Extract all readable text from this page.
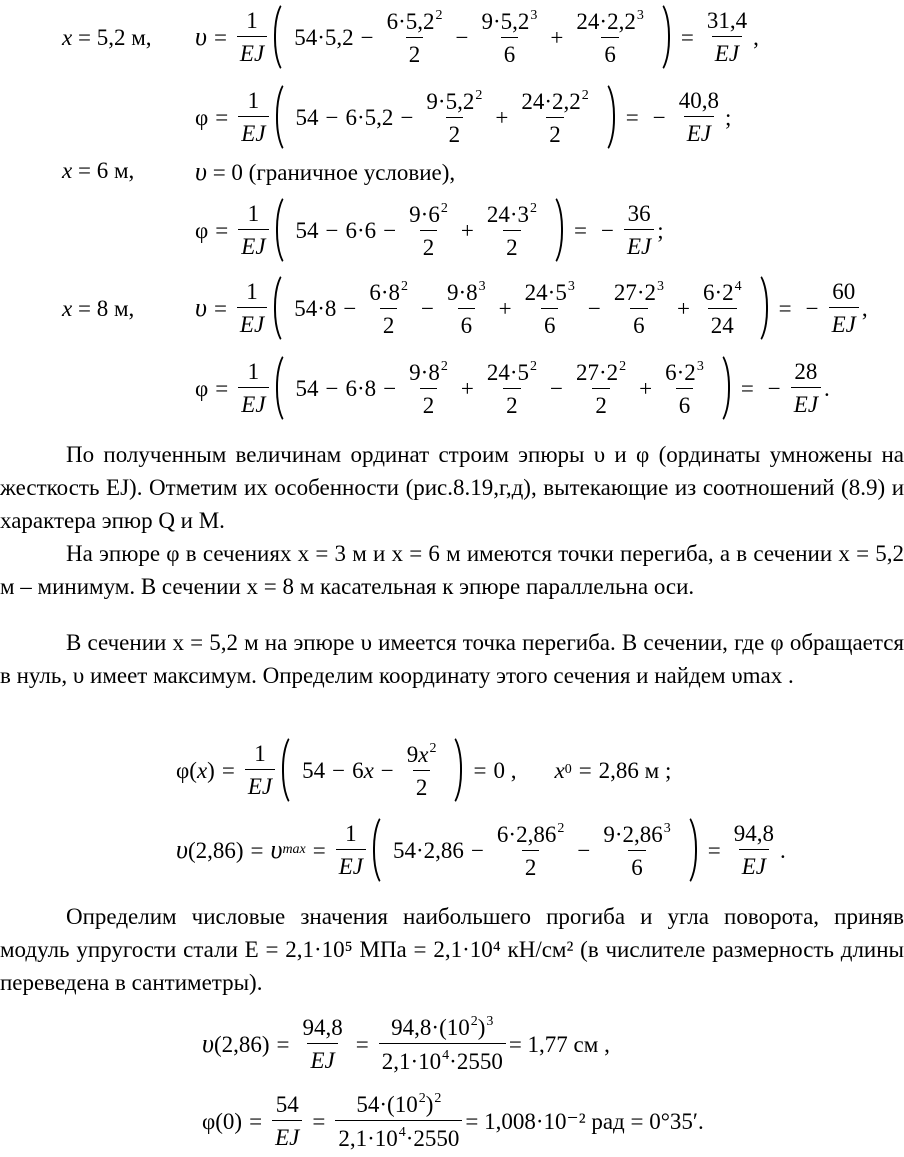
x = 5,2 м, $\upsilon = \frac{1}{EJ} 54\cdot 5,2 - \frac{6\cdot 5,2^2}{2} - \frac{9\cdot 5,2^3}{6} + \frac{24\cdot 2,2^3}{6} = \frac{31,4}{EJ}$ ,
$\varphi = \frac{1}{EJ} 54 - 6\cdot 5,2 - \frac{9\cdot 5,2^2}{2} + \frac{24\cdot 2,2^2}{2}$ = − $\frac{40,8}{EJ}$ ;
x = 6 м, υ = 0 (граничное условие),
$\varphi = \frac{1}{EJ} 54 - 6\cdot 6 - \frac{9\cdot 6^2}{2} + \frac{24\cdot 3^2}{2}$ = − $\frac{36}{EJ}$ ;
x = 8 м, $\upsilon = \frac{1}{EJ} 54\cdot 8 - \frac{6\cdot 8^2}{2} - \frac{9\cdot 8^3}{6} + \frac{24\cdot 5^3}{6} - \frac{27\cdot 2^3}{6} + \frac{6\cdot 2^4}{24}$ = − $\frac{60}{EJ}$ ,
$\varphi = \frac{1}{EJ} 54 - 6\cdot 8 - \frac{9\cdot 8^2}{2} + \frac{24\cdot 5^2}{2} - \frac{27\cdot 2^2}{2} + \frac{6\cdot 2^3}{6}$ = − $\frac{28}{EJ}$ .

По полученным величинам ординат строим эпюры υ и φ (ординаты умножены на жесткость EJ). Отметим их особенности (рис.8.19,г,д), вытекающие из соотношений (8.9) и характера эпюр Q и M.

На эпюре φ в сечениях x = 3 м и x = 6 м имеются точки перегиба, а в сечении x = 5,2 м – минимум. В сечении x = 8 м касательная к эпюре параллельна оси.

В сечении x = 5,2 м на эпюре υ имеется точка перегиба. В сечении, где φ обращается в нуль, υ имеет максимум. Определим координату этого сечения и найдем υmax .

$\varphi(x) = \frac{1}{EJ} 54 - 6$ $x - \frac{9x^2}{2} = 0$ , x 0 = 2,86 м ;
υ (2,86) = υ $\max = \frac{1}{EJ} 54\cdot 2,86 - \frac{6\cdot 2,86^2}{2} - \frac{9\cdot 2,86^3}{6} = \frac{94,8}{EJ}$ .

Определим числовые значения наибольшего прогиба и угла поворота, приняв модуль упругости стали E = 2,1·10⁵ МПа = 2,1·10⁴ кН/см² (в числителе размерность длины переведена в сантиметры).

υ $(2,86) = \frac{94,8}{EJ} = \frac{94,8\cdot(10^2)^3}{2,1\cdot 10^4\cdot 2550} = 1,77$ см ,
$\varphi(0) = \frac{54}{EJ} = \frac{54\cdot(10^2)^2}{2,1\cdot 10^4\cdot 2550} = 1,008\cdot 10^{-2}$ рад = 0°35′.
